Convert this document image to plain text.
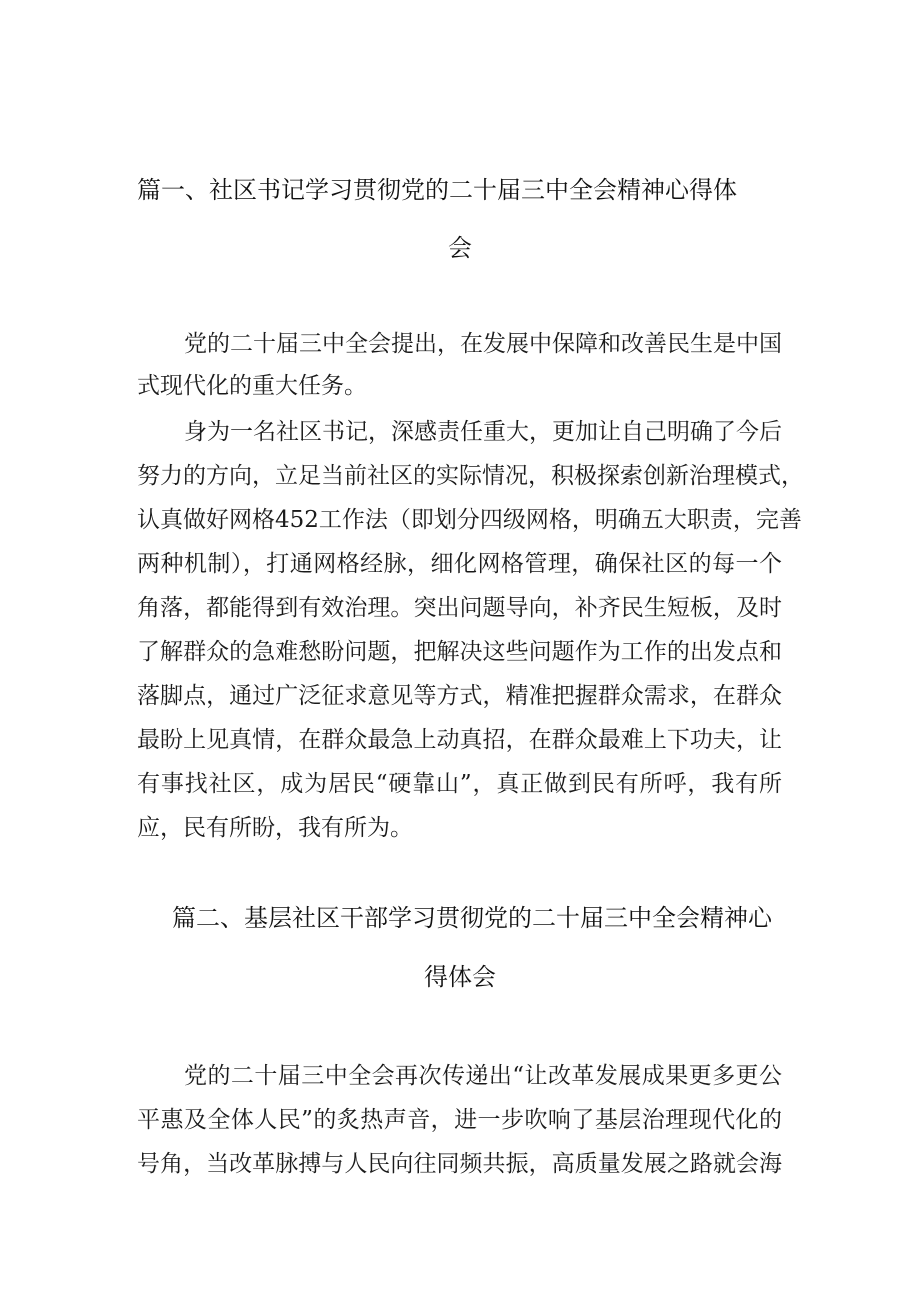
篇一、社区书记学习贯彻党的二十届三中全会精神心得体
会
党的二十届三中全会提出，在发展中保障和改善民生是中国
式现代化的重大任务。
身为一名社区书记，深感责任重大，更加让自己明确了今后
努力的方向，立足当前社区的实际情况，积极探索创新治理模式，
认真做好网格452工作法（即划分四级网格，明确五大职责，完善
两种机制），打通网格经脉，细化网格管理，确保社区的每一个
角落，都能得到有效治理。突出问题导向，补齐民生短板，及时
了解群众的急难愁盼问题，把解决这些问题作为工作的出发点和
落脚点，通过广泛征求意见等方式，精准把握群众需求，在群众
最盼上见真情，在群众最急上动真招，在群众最难上下功夫，让
有事找社区，成为居民“硬靠山”，真正做到民有所呼，我有所
应，民有所盼，我有所为。
篇二、基层社区干部学习贯彻党的二十届三中全会精神心
得体会
党的二十届三中全会再次传递出“让改革发展成果更多更公
平惠及全体人民”的炙热声音，进一步吹响了基层治理现代化的
号角，当改革脉搏与人民向往同频共振，高质量发展之路就会海
